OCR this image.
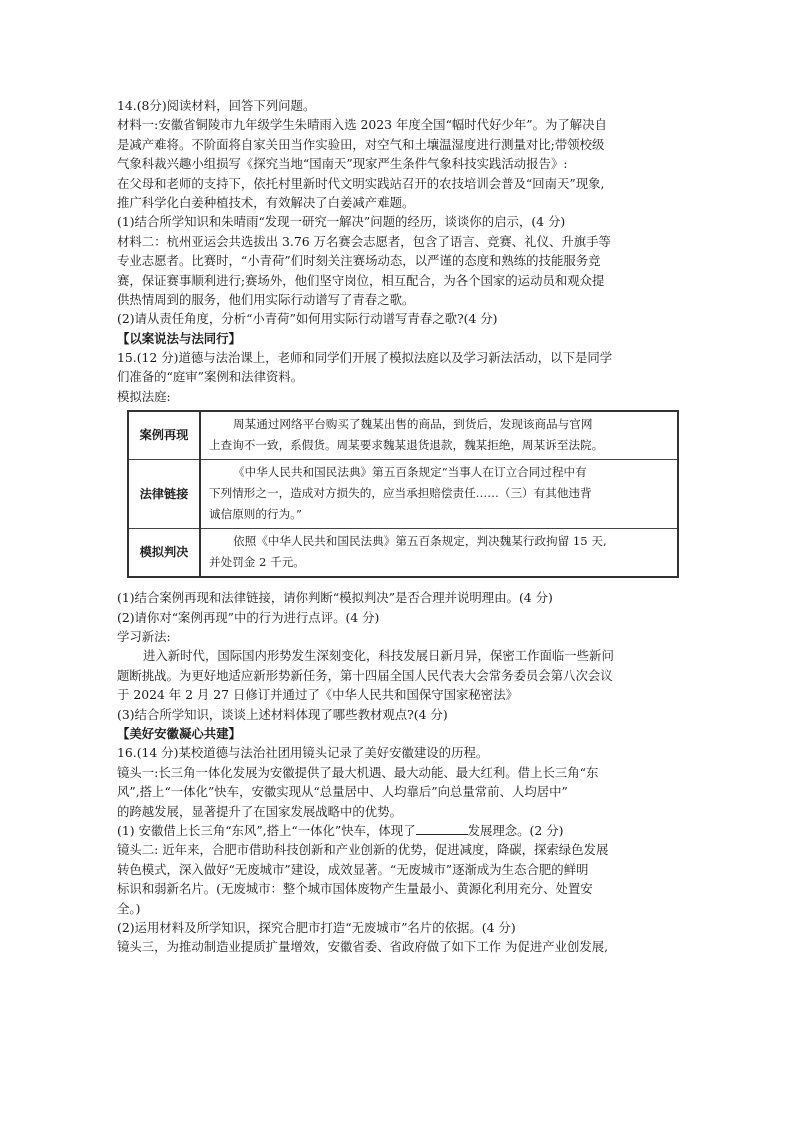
14.(8分)阅读材料，回答下列问题。
材料一:安徽省铜陵市九年级学生朱晴雨入选 2023 年度全国“幅时代好少年”。为了解决自
是减产难将。不阶面将自家关田当作实验田，对空气和土壤温湿度进行测量对比;带领校级
气象科裁兴趣小组损写《探究当地“国南天”现家严生条件气象科技实践活动报告》:
在父母和老师的支持下，依托村里新时代文明实践站召开的农技培训会普及“回南天”现象,
推广科学化白姜种植技术，有效解决了白姜减产难题。
(1)结合所学知识和朱晴雨“发现一研究一解决”问题的经历，谈谈你的启示，(4 分)
材料二：杭州亚运会共选拔出 3.76 万名赛会志愿者，包含了语言、竞赛、礼仪、升旗手等
专业志愿者。比赛时，“小青荷”们时刻关注赛场动态，以严谨的态度和熟练的技能服务竞
赛，保证赛事顺利进行;赛场外，他们坚守岗位，相互配合，为各个国家的运动员和观众提
供热情周到的服务，他们用实际行动谱写了青春之歌。
(2)请从责任角度，分析“小青荷”如何用实际行动谱写青春之歌?(4 分)
【以案说法与法同行】
15.(12 分)道德与法治课上，老师和同学们开展了模拟法庭以及学习新法活动，以下是同学
们准备的“庭审”案例和法律资料。
模拟法庭:
案例再现	周某通过网络平台购买了魏某出售的商品，到货后，发现该商品与官网
上查询不一致，系假货。周某要求魏某退货退款，魏某拒绝，周某诉至法院。

法律链接	《中华人民共和国民法典》第五百条规定“当事人在订立合同过程中有
下列情形之一，造成对方损失的，应当承担赔偿责任……（三）有其他违背
诚信原则的行为。”

模拟判决	依照《中华人民共和国民法典》第五百条规定，判决魏某行政拘留 15 天,
并处罚金 2 千元。
(1)结合案例再现和法律链接，请你判断“模拟判决”是否合理并说明理由。(4 分)
(2)请你对“案例再现”中的行为进行点评。(4 分)
学习新法:
进入新时代，国际国内形势发生深刻变化，科技发展日新月异，保密工作面临一些新问
题断挑战。为更好地适应新形势新任务，第十四届全国人民代表大会常务委员会第八次会议
于 2024 年 2 月 27 日修订并通过了《中华人民共和国保守国家秘密法》
(3)结合所学知识，谈谈上述材料体现了哪些教材观点?(4 分)
【美好安徽凝心共建】
16.(14 分)某校道德与法治社团用镜头记录了美好安徽建设的历程。
镜头一:长三角一体化发展为安徽提供了最大机遇、最大动能、最大红利。借上长三角“东
风”,搭上“一体化”快车，安徽实现从“总量居中、人均靠后”向总量常前、人均居中”
的跨越发展，显著提升了在国家发展战略中的优势。
(1) 安徽借上长三角“东风”,搭上“一体化”快车，体现了	发展理念。(2 分)
镜头二: 近年来，合肥市借助科技创新和产业创新的优势，促进减度，降碳，探索绿色发展
转色模式，深入做好“无废城市”建设，成效显著。“无废城市”逐渐成为生态合肥的鲜明
标识和弱新名片。(无废城市：整个城市国体废物产生量最小、黄源化利用充分、处置安
全。)
(2)运用材料及所学知识，探究合肥市打造“无废城市”名片的依据。(4 分)
镜头三，为推动制造业提质扩量增效，安徽省委、省政府做了如下工作 为促进产业创发展,
